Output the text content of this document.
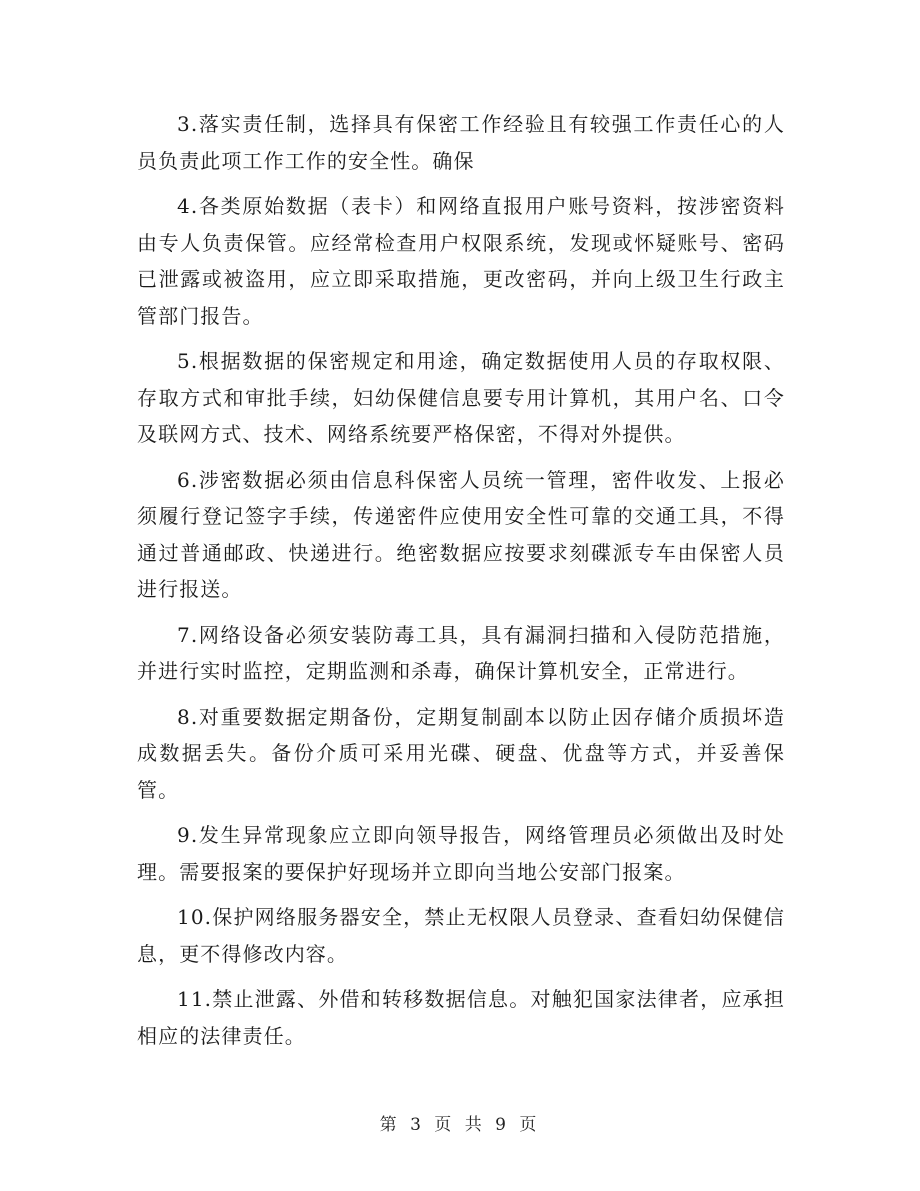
3.落实责任制，选择具有保密工作经验且有较强工作责任心的人员负责此项工作工作的安全性。确保

4.各类原始数据（表卡）和网络直报用户账号资料，按涉密资料由专人负责保管。应经常检查用户权限系统，发现或怀疑账号、密码已泄露或被盗用，应立即采取措施，更改密码，并向上级卫生行政主管部门报告。

5.根据数据的保密规定和用途，确定数据使用人员的存取权限、存取方式和审批手续，妇幼保健信息要专用计算机，其用户名、口令及联网方式、技术、网络系统要严格保密，不得对外提供。

6.涉密数据必须由信息科保密人员统一管理，密件收发、上报必须履行登记签字手续，传递密件应使用安全性可靠的交通工具，不得通过普通邮政、快递进行。绝密数据应按要求刻碟派专车由保密人员进行报送。

7.网络设备必须安装防毒工具，具有漏洞扫描和入侵防范措施，并进行实时监控，定期监测和杀毒，确保计算机安全，正常进行。

8.对重要数据定期备份，定期复制副本以防止因存储介质损坏造成数据丢失。备份介质可采用光碟、硬盘、优盘等方式，并妥善保管。

9.发生异常现象应立即向领导报告，网络管理员必须做出及时处理。需要报案的要保护好现场并立即向当地公安部门报案。

10.保护网络服务器安全，禁止无权限人员登录、查看妇幼保健信息，更不得修改内容。

11.禁止泄露、外借和转移数据信息。对触犯国家法律者，应承担相应的法律责任。

第 3 页 共 9 页
